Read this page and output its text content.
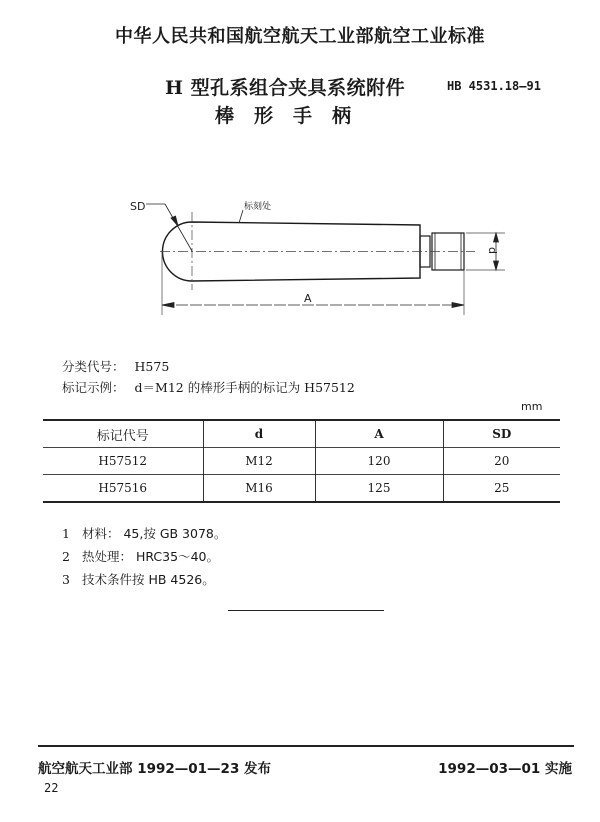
中华人民共和国航空航天工业部航空工业标准
H 型孔系组合夹具系统附件	HB 4531.18—91
棒形手柄
SD	标刻处
A
d
分类代号： H575
标记示例： d＝M12 的棒形手柄的标记为 H57512
mm
标记代号	d	A	SD
H57512	M12	120	20
H57516	M16	125	25
1 材料： 45,按 GB 3078。
2 热处理： HRC35～40。
3 技术条件按 HB 4526。
航空航天工业部 1992—01—23 发布	1992—03—01 实施
22
